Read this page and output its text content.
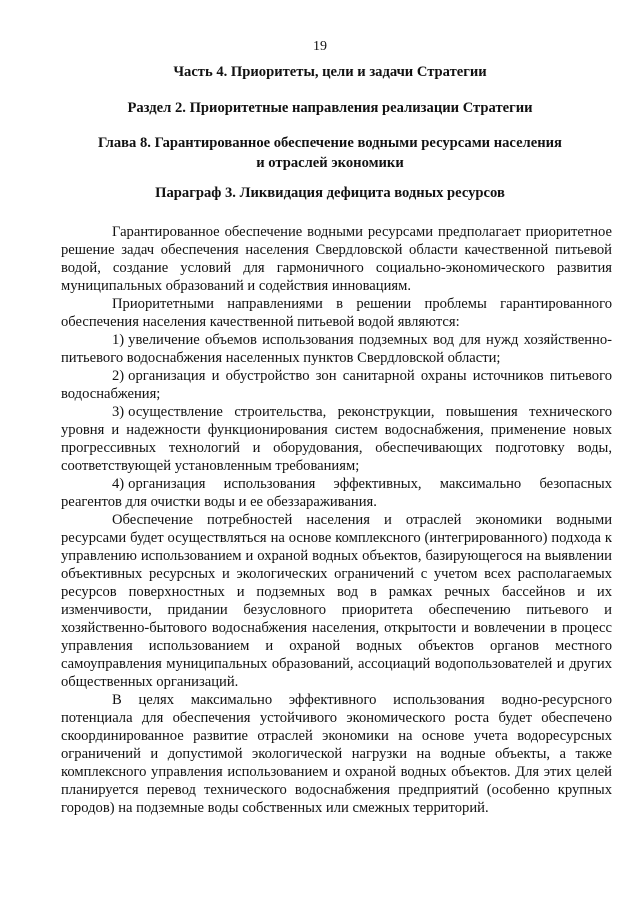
19
Часть 4. Приоритеты, цели и задачи Стратегии
Раздел 2. Приоритетные направления реализации Стратегии
Глава 8. Гарантированное обеспечение водными ресурсами населения
и отраслей экономики
Параграф 3. Ликвидация дефицита водных ресурсов

Гарантированное обеспечение водными ресурсами предполагает приоритетное решение задач обеспечения населения Свердловской области качественной питьевой водой, создание условий для гармоничного социально-экономического развития муниципальных образований и содействия инновациям.

Приоритетными направлениями в решении проблемы гарантированного обеспечения населения качественной питьевой водой являются:

1) увеличение объемов использования подземных вод для нужд хозяйственно-питьевого водоснабжения населенных пунктов Свердловской области;

2) организация и обустройство зон санитарной охраны источников питьевого водоснабжения;

3) осуществление строительства, реконструкции, повышения технического уровня и надежности функционирования систем водоснабжения, применение новых прогрессивных технологий и оборудования, обеспечивающих подготовку воды, соответствующей установленным требованиям;

4) организация использования эффективных, максимально безопасных реагентов для очистки воды и ее обеззараживания.

Обеспечение потребностей населения и отраслей экономики водными ресурсами будет осуществляться на основе комплексного (интегрированного) подхода к управлению использованием и охраной водных объектов, базирующегося на выявлении объективных ресурсных и экологических ограничений с учетом всех располагаемых ресурсов поверхностных и подземных вод в рамках речных бассейнов и их изменчивости, придании безусловного приоритета обеспечению питьевого и хозяйственно-бытового водоснабжения населения, открытости и вовлечении в процесс управления использованием и охраной водных объектов органов местного самоуправления муниципальных образований, ассоциаций водопользователей и других общественных организаций.

В целях максимально эффективного использования водно-ресурсного потенциала для обеспечения устойчивого экономического роста будет обеспечено скоординированное развитие отраслей экономики на основе учета водоресурсных ограничений и допустимой экологической нагрузки на водные объекты, а также комплексного управления использованием и охраной водных объектов. Для этих целей планируется перевод технического водоснабжения предприятий (особенно крупных городов) на подземные воды собственных или смежных территорий.
